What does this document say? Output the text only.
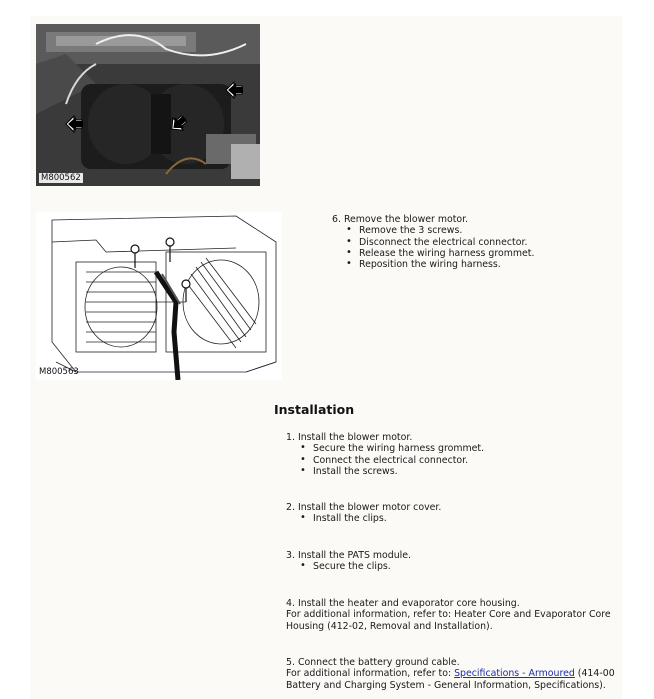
M800562
M800563
6. Remove the blower motor.
• Remove the 3 screws.
• Disconnect the electrical connector.
• Release the wiring harness grommet.
• Reposition the wiring harness.
Installation
1. Install the blower motor.
• Secure the wiring harness grommet.
• Connect the electrical connector.
• Install the screws.
2. Install the blower motor cover.
• Install the clips.
3. Install the PATS module.
• Secure the clips.
4. Install the heater and evaporator core housing.
For additional information, refer to: Heater Core and Evaporator Core Housing (412-02, Removal and Installation).
5. Connect the battery ground cable.
For additional information, refer to: Specifications - Armoured (414-00 Battery and Charging System - General Information, Specifications).
